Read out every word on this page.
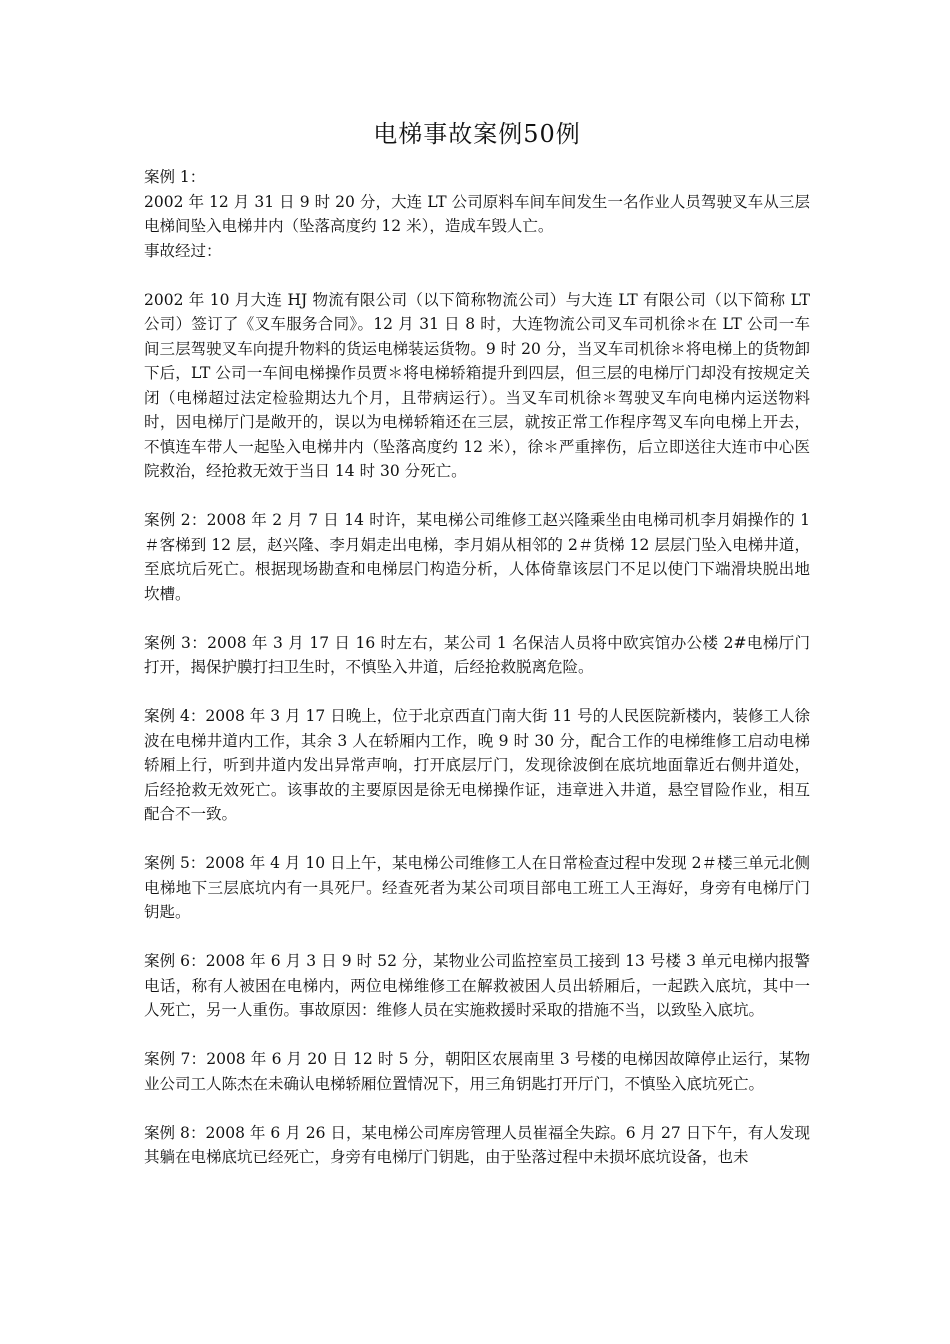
电梯事故案例50例

案例 1：

2002 年 12 月 31 日 9 时 20 分，大连 LT 公司原料车间车间发生一名作业人员驾驶叉车从三层电梯间坠入电梯井内（坠落高度约 12 米），造成车毁人亡。

事故经过：

2002 年 10 月大连 HJ 物流有限公司（以下简称物流公司）与大连 LT 有限公司（以下简称 LT 公司）签订了《叉车服务合同》。12 月 31 日 8 时，大连物流公司叉车司机徐＊在 LT 公司一车间三层驾驶叉车向提升物料的货运电梯装运货物。9 时 20 分，当叉车司机徐＊将电梯上的货物卸下后，LT 公司一车间电梯操作员贾＊将电梯轿箱提升到四层，但三层的电梯厅门却没有按规定关闭（电梯超过法定检验期达九个月，且带病运行）。当叉车司机徐＊驾驶叉车向电梯内运送物料时，因电梯厅门是敞开的，误以为电梯轿箱还在三层，就按正常工作程序驾叉车向电梯上开去，不慎连车带人一起坠入电梯井内（坠落高度约 12 米），徐＊严重摔伤，后立即送往大连市中心医院救治，经抢救无效于当日 14 时 30 分死亡。

案例 2：2008 年 2 月 7 日 14 时许，某电梯公司维修工赵兴隆乘坐由电梯司机李月娟操作的 1＃客梯到 12 层，赵兴隆、李月娟走出电梯，李月娟从相邻的 2＃货梯 12 层层门坠入电梯井道，至底坑后死亡。根据现场勘查和电梯层门构造分析，人体倚靠该层门不足以使门下端滑块脱出地坎槽。

案例 3：2008 年 3 月 17 日 16 时左右，某公司 1 名保洁人员将中欧宾馆办公楼 2#电梯厅门打开，揭保护膜打扫卫生时，不慎坠入井道，后经抢救脱离危险。

案例 4：2008 年 3 月 17 日晚上，位于北京西直门南大街 11 号的人民医院新楼内，装修工人徐波在电梯井道内工作，其余 3 人在轿厢内工作，晚 9 时 30 分，配合工作的电梯维修工启动电梯轿厢上行，听到井道内发出异常声响，打开底层厅门，发现徐波倒在底坑地面靠近右侧井道处，后经抢救无效死亡。该事故的主要原因是徐无电梯操作证，违章进入井道，悬空冒险作业，相互配合不一致。

案例 5：2008 年 4 月 10 日上午，某电梯公司维修工人在日常检查过程中发现 2＃楼三单元北侧电梯地下三层底坑内有一具死尸。经查死者为某公司项目部电工班工人王海好，身旁有电梯厅门钥匙。

案例 6：2008 年 6 月 3 日 9 时 52 分，某物业公司监控室员工接到 13 号楼 3 单元电梯内报警电话，称有人被困在电梯内，两位电梯维修工在解救被困人员出轿厢后，一起跌入底坑，其中一人死亡，另一人重伤。事故原因：维修人员在实施救援时采取的措施不当，以致坠入底坑。

案例 7：2008 年 6 月 20 日 12 时 5 分，朝阳区农展南里 3 号楼的电梯因故障停止运行，某物业公司工人陈杰在未确认电梯轿厢位置情况下，用三角钥匙打开厅门，不慎坠入底坑死亡。

案例 8：2008 年 6 月 26 日，某电梯公司库房管理人员崔福全失踪。6 月 27 日下午，有人发现其躺在电梯底坑已经死亡，身旁有电梯厅门钥匙，由于坠落过程中未损坏底坑设备，也未
